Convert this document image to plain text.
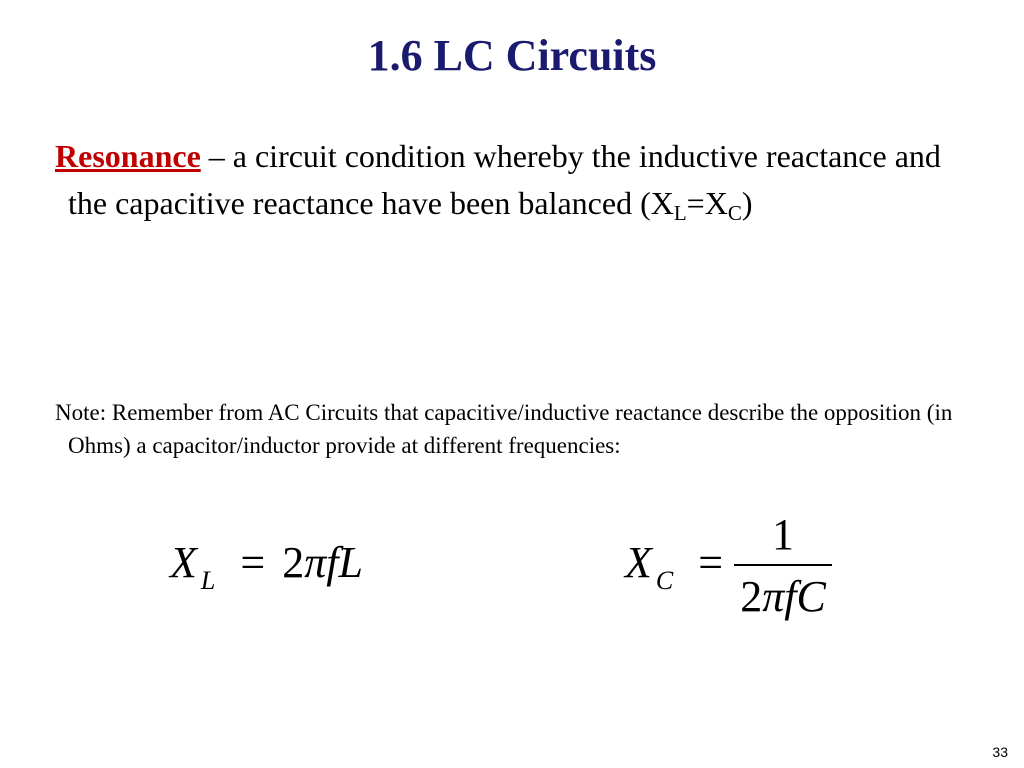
1.6 LC Circuits
Resonance – a circuit condition whereby the inductive reactance and the capacitive reactance have been balanced $(X_L=X_C)$
Note: Remember from AC Circuits that capacitive/inductive reactance describe the opposition (in Ohms) a capacitor/inductor provide at different frequencies:
X $_L$ = 2πfL	X $_C$ =
1
2πfC
33
